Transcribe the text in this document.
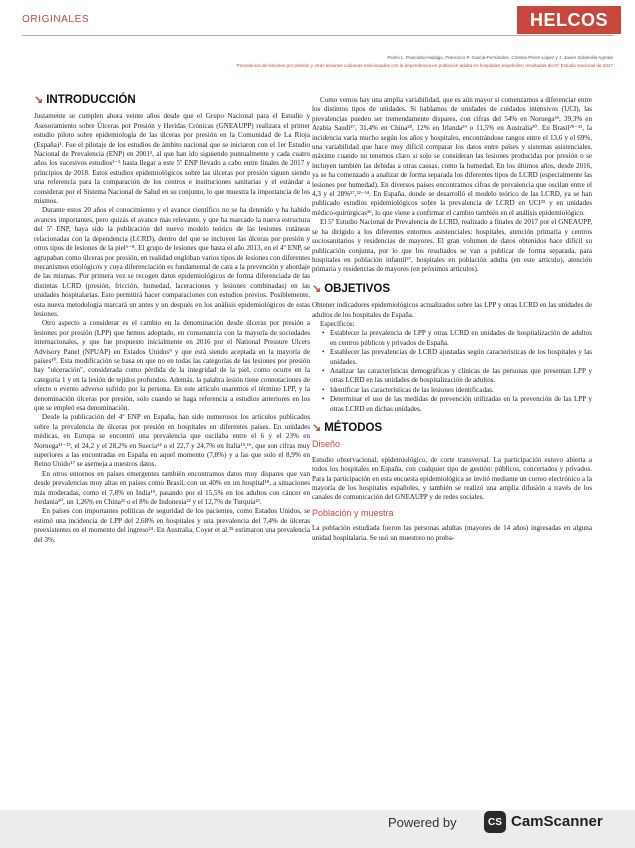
ORIGINALES	HELCOS
Pedro L. Pancorbo-Hidalgo, Francisco P. García-Fernández, Cristina Pérez-López y J. Javier Soldevilla Agreda
Prevalencia de lesiones por presión y otras lesiones cutáneas relacionadas con la dependencia en población adulta en hospitales españoles: resultados del 5º Estudio Nacional de 2017
↘ INTRODUCCIÓN

Justamente se cumplen ahora veinte años desde que el Grupo Nacional para el Estudio y Asesoramiento sobre Úlceras por Presión y Heridas Crónicas (GNEAUPP) realizara el primer estudio piloto sobre epidemiología de las úlceras por presión en la Comunidad de La Rioja (España)¹. Fue el pilotaje de los estudios de ámbito nacional que se iniciaron con el 1er Estudio Nacional de Prevalencia (ENP) en 2001², al que han ido siguiendo puntualmente y cada cuatro años los sucesivos estudios³⁻⁵ hasta llegar a este 5º ENP llevado a cabo entre finales de 2017 y principios de 2018. Estos estudios epidemiológicos sobre las úlceras por presión siguen siendo una referencia para la comparación de los centros e instituciones sanitarias y el estándar a considerar por el Sistema Nacional de Salud en su conjunto, lo que muestra la importancia de los mismos.

Durante estos 20 años el conocimiento y el avance científico no se ha detenido y ha habido avances importantes, pero quizás el avance más relevante, y que ha marcado la nueva estructura del 5º ENP, haya sido la publicación del nuevo modelo teórico de las lesiones cutáneas relacionadas con la dependencia (LCRD), dentro del que se incluyen las úlceras por presión y otros tipos de lesiones de la piel⁶⁻⁸. El grupo de lesiones que hasta el año 2013, en el 4º ENP, se agrupaban como úlceras por presión, en realidad engloban varios tipos de lesiones con diferentes mecanismos etiológicos y cuya diferenciación es fundamental de cara a la prevención y abordaje de las mismas. Por primera vez se recogen datos epidemiológicos de forma diferenciada de las distintas LCRD (presión, fricción, humedad, laceraciones y lesiones combinadas) en las unidades hospitalarias. Esto permitirá hacer comparaciones con estudios previos. Posiblemente, esta nueva metodología marcará un antes y un después en los análisis epidemiológicos de estas lesiones.

Otro aspecto a considerar es el cambio en la denominación desde úlceras por presión a lesiones por presión (LPP) que hemos adoptado, en consonancia con la mayoría de sociedades internacionales, y que fue propuesto inicialmente en 2016 por el National Pressure Ulcers Advisory Panel (NPUAP) en Estados Unidos⁹ y que está siendo aceptada en la mayoría de países¹⁰. Esta modificación se basa en que no en todas las categorías de las lesiones por presión hay "ulceración", considerada como pérdida de la integridad de la piel, como ocurre en la categoría 1 y en la lesión de tejidos profundos. Además, la palabra lesión tiene connotaciones de efecto o evento adverso sufrido por la persona. En este artículo usaremos el término LPP, y la denominación úlceras por presión, solo cuando se haga referencia a estudios anteriores en los que se empleó esa denominación.

Desde la publicación del 4º ENP en España, han sido numerosos los artículos publicados sobre la prevalencia de úlceras por presión en hospitales en diferentes países. En unidades médicas, en Europa se encontró una prevalencia que oscilaba entre el 6 y el 23% en Noruega¹¹⁻¹³, el 24,2 y el 28,2% en Suecia¹⁴ o el 22,7 y 24,7% en Italia¹⁵,¹⁶, que son cifras muy superiores a las encontradas en España en aquel momento (7,8%) y a las que solo el 8,9% en Reino Unido¹⁷ se asemeja a nuestros datos.

En otros entornos en países emergentes también encontramos datos muy dispares que van desde prevalencias muy altas en países como Brasil, con un 40% en un hospital¹⁸, a situaciones más moderadas, como el 7,8% en India¹⁹, pasando por el 15,5% en los adultos con cáncer en Jordania²⁰, un 1,26% en China²¹ o el 8% de Indonesia²² y el 12,7% de Turquía²³.

En países con importantes políticas de seguridad de los pacientes, como Estados Unidos, se estimó una incidencia de LPP del 2,68% en hospitales y una prevalencia del 7,4% de úlceras preexistentes en el momento del ingreso²⁴. En Australia, Coyer et al.²⁵ estimaron una prevalencia del 3%.

Como vemos hay una amplia variabilidad, que es aún mayor si comenzamos a diferenciar entre los distintos tipos de unidades. Si hablamos de unidades de cuidados intensivos (UCI), las prevalencias pueden ser tremendamente dispares, con cifras del 54% en Noruega²⁶, 39,3% en Arabia Saudí²⁷, 31,4% en China²⁸, 12% en Irlanda²⁹ o 11,5% en Australia³⁰. En Brasil²⁹⁻³¹, la incidencia varía mucho según los años y hospitales, encontrándose rangos entre el 13,6 y el 69%, una variabilidad que hace muy difícil comparar los datos entre países y sistemas asistenciales, máxime cuando no tenemos claro si solo se consideran las lesiones producidas por presión o se incluyen también las debidas a otras causas, como la humedad. En los últimos años, desde 2016, ya se ha comenzado a analizar de forma separada los diferentes tipos de LCRD (especialmente las lesiones por humedad). En diversos países encontramos cifras de prevalencia que oscilan entre el 4,3 y el 28%²⁷,³²⁻³⁴. En España, donde se desarrolló el modelo teórico de las LCRD, ya se han publicado estudios epidemiológicos sobre la prevalencia de LCRD en UCI³⁵ y en unidades médico-quirúrgicas³⁶, lo que viene a confirmar el cambio también en el análisis epidemiológico.

El 5º Estudio Nacional de Prevalencia de LCRD, realizado a finales de 2017 por el GNEAUPP, se ha dirigido a los diferentes entornos asistenciales: hospitales, atención primaria y centros sociosanitarios y residencias de mayores. El gran volumen de datos obtenidos hace difícil su publicación conjunta, por lo que los resultados se van a publicar de forma separada, para hospitales en población infantil³⁷, hospitales en población adulta (en este artículo), atención primaria y residencias de mayores (en próximos artículos).

↘ OBJETIVOS

Obtener indicadores epidemiológicos actualizados sobre las LPP y otras LCRD en las unidades de adultos de los hospitales de España.

Específicos:

• Establecer la prevalencia de LPP y otras LCRD en unidades de hospitalización de adultos en centros públicos y privados de España.
• Establecer las prevalencias de LCRD ajustadas según características de los hospitales y las unidades.
• Analizar las características demográficas y clínicas de las personas que presentan LPP y otras LCRD en las unidades de hospitalización de adultos.
• Identificar las características de las lesiones identificadas.
• Determinar el uso de las medidas de prevención utilizadas en la prevención de las LPP y otras LCRD en dichas unidades.
↘ MÉTODOS
Diseño

Estudio observacional, epidemiológico, de corte transversal. La participación estuvo abierta a todos los hospitales en España, con cualquier tipo de gestión: públicos, concertados y privados. Para la participación en esta encuesta epidemiológica se invitó mediante un correo electrónico a la mayoría de los hospitales españoles, y también se realizó una amplia difusión a través de los canales de comunicación del GNEAUPP y de redes sociales.

Población y muestra

La población estudiada fueron las personas adultas (mayores de 14 años) ingresadas en alguna unidad hospitalaria. Se usó un muestreo no proba-

Powered by	CS CamScanner
